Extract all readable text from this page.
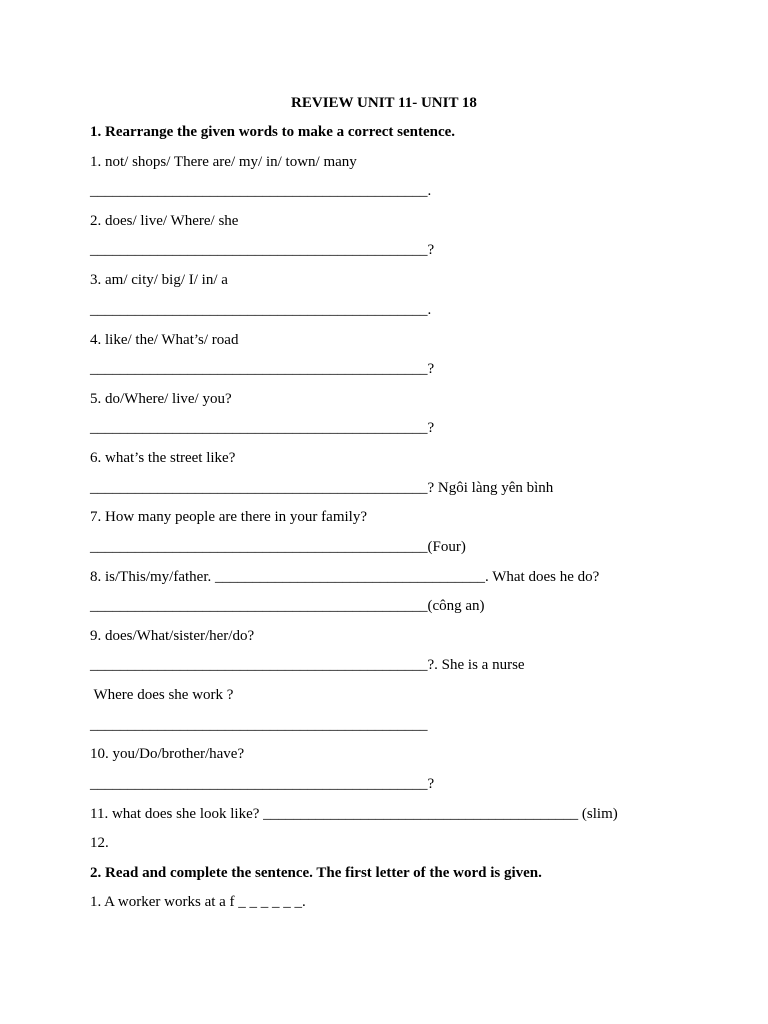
REVIEW UNIT 11- UNIT 18
1. Rearrange the given words to make a correct sentence.
1. not/ shops/ There are/ my/ in/ town/ many
_____________________________________________.
2. does/ live/ Where/ she
_____________________________________________?
3. am/ city/ big/ I/ in/ a
_____________________________________________.
4. like/ the/ What’s/ road
_____________________________________________?
5. do/Where/ live/ you?
_____________________________________________?
6. what’s the street like?
_____________________________________________? Ngôi làng yên bình
7. How many people are there in your family?
_____________________________________________(Four)
8. is/This/my/father. ____________________________________. What does he do?
_____________________________________________(công an)
9. does/What/sister/her/do?
_____________________________________________?. She is a nurse
Where does she work ?
_____________________________________________
10. you/Do/brother/have?
_____________________________________________?
11. what does she look like? __________________________________________ (slim)
12.
2. Read and complete the sentence. The first letter of the word is given.
1. A worker works at a f _ _ _ _ _ _.
